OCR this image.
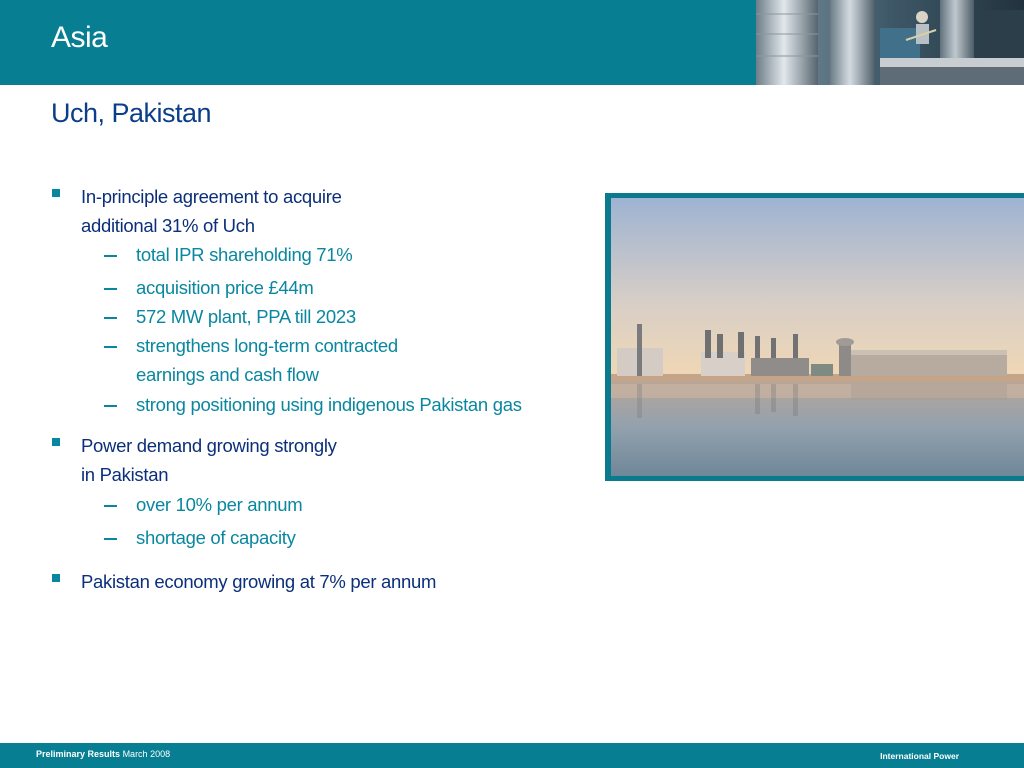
Asia
Uch, Pakistan
In-principle agreement to acquire
additional 31% of Uch
total IPR shareholding 71%
acquisition price £44m
572 MW plant, PPA till 2023
strengthens long-term contracted
earnings and cash flow
strong positioning using indigenous Pakistan gas
Power demand growing strongly
in Pakistan
over 10% per annum
shortage of capacity
Pakistan economy growing at 7% per annum
Preliminary Results March 2008	International Power
